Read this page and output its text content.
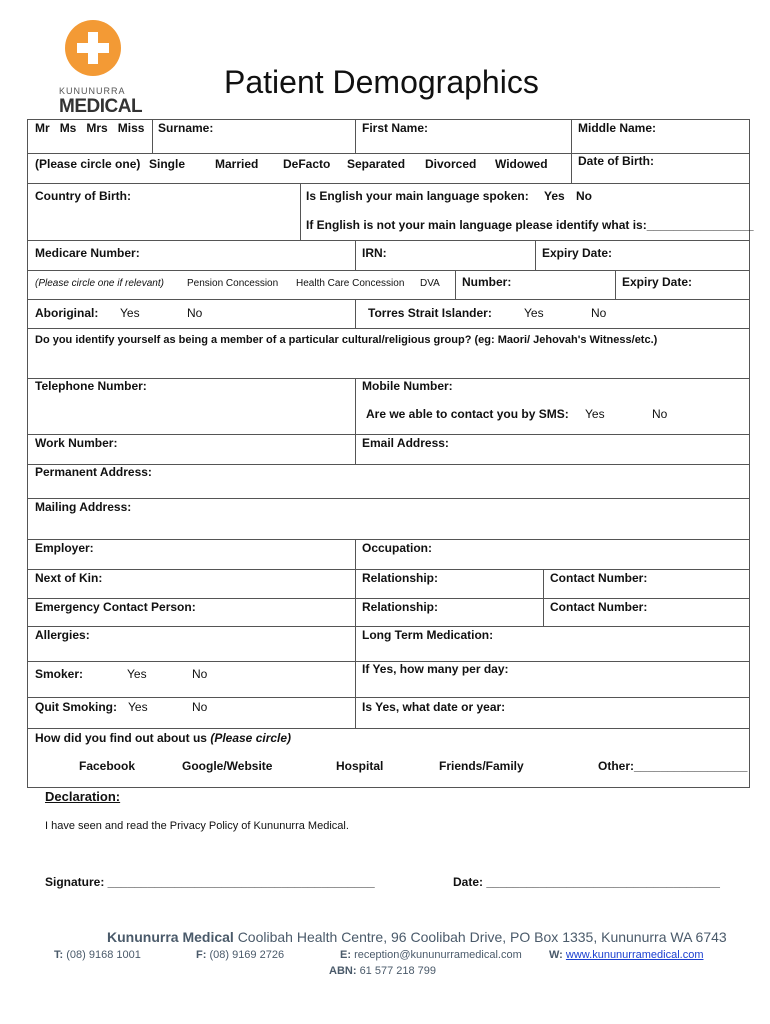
KUNUNURRA
MEDICAL
Patient Demographics
Mr Ms Mrs Miss Surname:	First Name:	Middle Name:
(Please circle one) Single Married DeFacto Separated Divorced Widowed	Date of Birth:
Country of Birth:	Is English your main language spoken: Yes No
If English is not your main language please identify what is:________________
Medicare Number:	IRN:	Expiry Date:
(Please circle one if relevant) Pension Concession Health Care Concession DVA Number:	Expiry Date:
Aboriginal: Yes	No	Torres Strait Islander:	Yes	No
Do you identify yourself as being a member of a particular cultural/religious group? (eg: Maori/ Jehovah's Witness/etc.)
Telephone Number:	Mobile Number:
Are we able to contact you by SMS: Yes	No
Work Number:	Email Address:
Permanent Address:
Mailing Address:
Employer:	Occupation:
Next of Kin:	Relationship:	Contact Number:
Emergency Contact Person:	Relationship:	Contact Number:
Allergies:	Long Term Medication:
Smoker:	Yes	No	If Yes, how many per day:
Quit Smoking: Yes	No	Is Yes, what date or year:
How did you find out about us (Please circle)
Facebook	Google/Website	Hospital	Friends/Family	Other:_________________
Declaration:
I have seen and read the Privacy Policy of Kununurra Medical.
Signature: ________________________________________	Date: ___________________________________
Kununurra Medical Coolibah Health Centre, 96 Coolibah Drive, PO Box 1335, Kununurra WA 6743
T: (08) 9168 1001	F: (08) 9169 2726	E: reception@kununurramedical.com W: www.kununurramedical.com
ABN: 61 577 218 799
